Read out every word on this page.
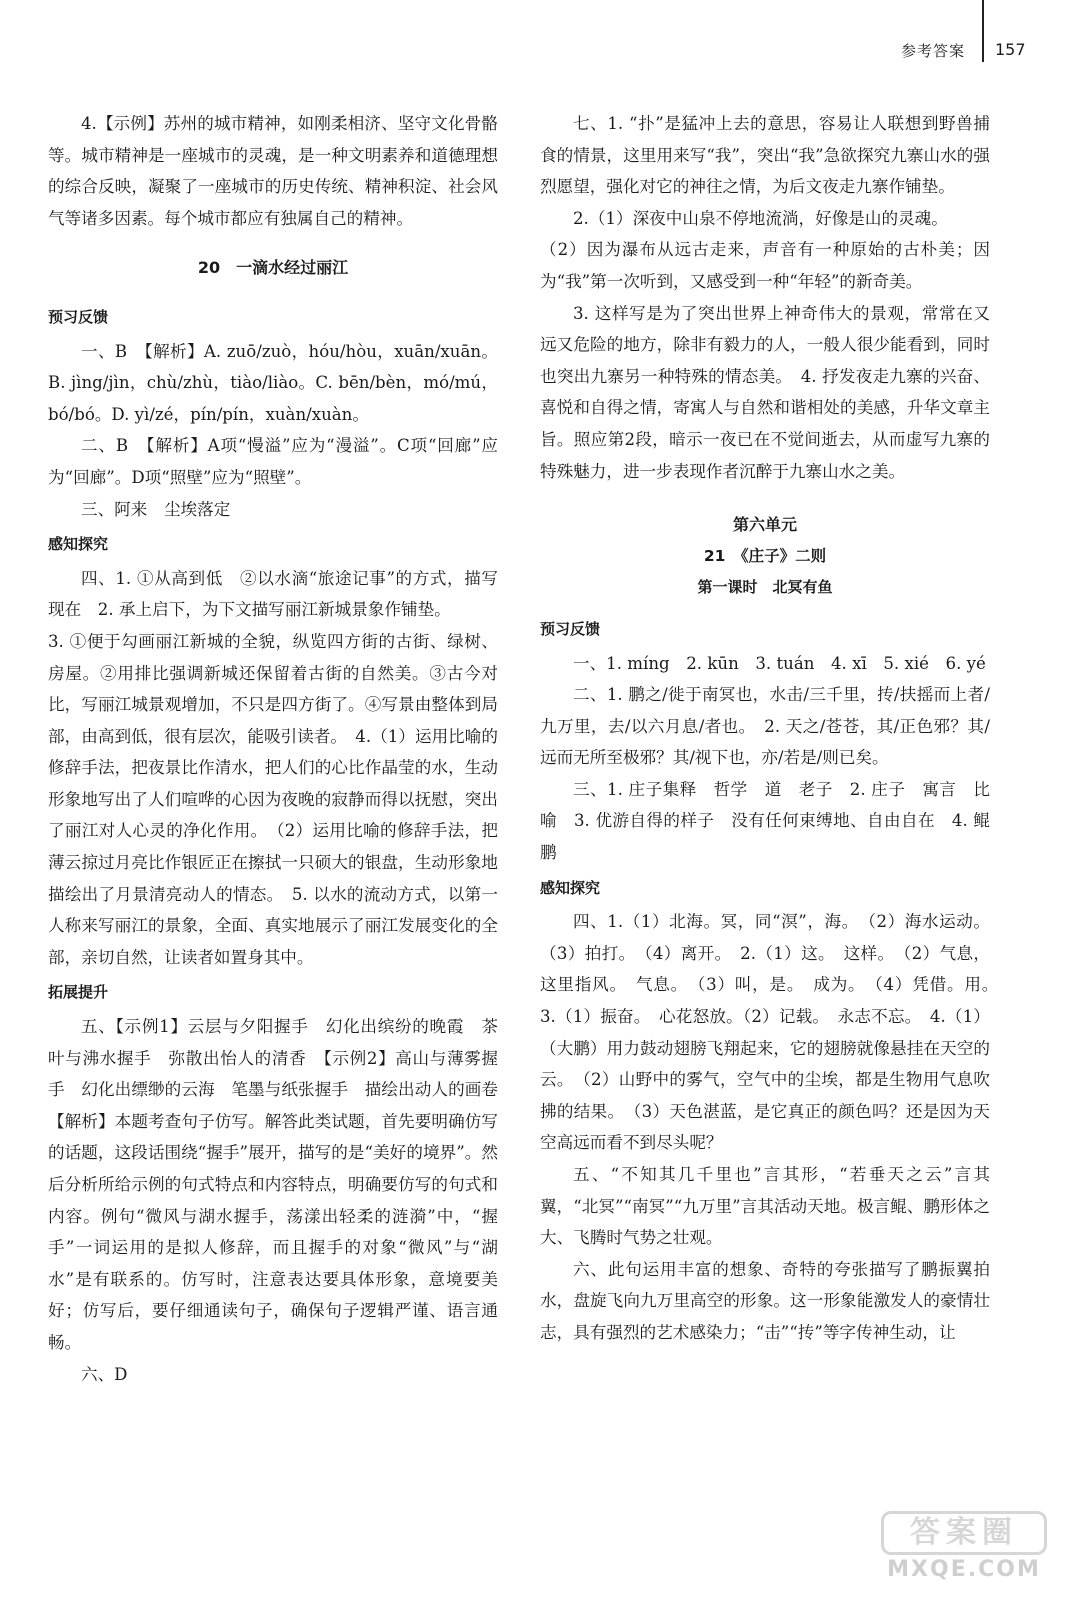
参考答案 157

4.【示例】苏州的城市精神，如刚柔相济、坚守文化骨骼等。城市精神是一座城市的灵魂，是一种文明素养和道德理想的综合反映，凝聚了一座城市的历史传统、精神积淀、社会风气等诸多因素。每个城市都应有独属自己的精神。

20　一滴水经过丽江
预习反馈

一、B　【解析】A. zuō/zuò，hóu/hòu，xuān/xuān。B. jìng/jìn，chù/zhù，tiào/liào。C. bēn/bèn，mó/mú，bó/bó。D. yì/zé，pín/pín，xuàn/xuàn。

二、B　【解析】A项“慢溢”应为“漫溢”。C项“回廊”应为“回廊”。D项“照壁”应为“照壁”。

三、阿来　尘埃落定

感知探究

四、1. ①从高到低　②以水滴“旅途记事”的方式，描写现在　2. 承上启下，为下文描写丽江新城景象作铺垫。

3. ①便于勾画丽江新城的全貌，纵览四方街的古街、绿树、房屋。②用排比强调新城还保留着古街的自然美。③古今对比，写丽江城景观增加，不只是四方街了。④写景由整体到局部，由高到低，很有层次，能吸引读者。　4.（1）运用比喻的修辞手法，把夜景比作清水，把人们的心比作晶莹的水，生动形象地写出了人们喧哗的心因为夜晚的寂静而得以抚慰，突出了丽江对人心灵的净化作用。　（2）运用比喻的修辞手法，把薄云掠过月亮比作银匠正在擦拭一只硕大的银盘，生动形象地描绘出了月景清亮动人的情态。　5. 以水的流动方式，以第一人称来写丽江的景象，全面、真实地展示了丽江发展变化的全部，亲切自然，让读者如置身其中。

拓展提升

五、【示例1】云层与夕阳握手　幻化出缤纷的晚霞　茶叶与沸水握手　弥散出怡人的清香　【示例2】高山与薄雾握手　幻化出缥缈的云海　笔墨与纸张握手　描绘出动人的画卷　【解析】本题考查句子仿写。解答此类试题，首先要明确仿写的话题，这段话围绕“握手”展开，描写的是“美好的境界”。然后分析所给示例的句式特点和内容特点，明确要仿写的句式和内容。例句“微风与湖水握手，荡漾出轻柔的涟漪”中，“握手”一词运用的是拟人修辞，而且握手的对象“微风”与“湖水”是有联系的。仿写时，注意表达要具体形象，意境要美好；仿写后，要仔细通读句子，确保句子逻辑严谨、语言通畅。

六、D

七、1. “扑”是猛冲上去的意思，容易让人联想到野兽捕食的情景，这里用来写“我”，突出“我”急欲探究九寨山水的强烈愿望，强化对它的神往之情，为后文夜走九寨作铺垫。

2.（1）深夜中山泉不停地流淌，好像是山的灵魂。

（2）因为瀑布从远古走来，声音有一种原始的古朴美；因为“我”第一次听到，又感受到一种“年轻”的新奇美。

3. 这样写是为了突出世界上神奇伟大的景观，常常在又远又危险的地方，除非有毅力的人，一般人很少能看到，同时也突出九寨另一种特殊的情态美。　4. 抒发夜走九寨的兴奋、喜悦和自得之情，寄寓人与自然和谐相处的美感，升华文章主旨。照应第2段，暗示一夜已在不觉间逝去，从而虚写九寨的特殊魅力，进一步表现作者沉醉于九寨山水之美。

第六单元
21　《庄子》二则
第一课时　北冥有鱼
预习反馈

一、1. míng　2. kūn　3. tuán　4. xī　5. xié　6. yé

二、1. 鹏之/徙于南冥也，水击/三千里，抟/扶摇而上者/九万里，去/以六月息/者也。　2. 天之/苍苍，其/正色邪？其/远而无所至极邪？其/视下也，亦/若是/则已矣。

三、1. 庄子集释　哲学　道　老子　2. 庄子　寓言　比喻　3. 优游自得的样子　没有任何束缚地、自由自在　4. 鲲　鹏

感知探究

四、1.（1）北海。冥，同“溟”，海。　（2）海水运动。（3）拍打。　（4）离开。　2.（1）这。　这样。　（2）气息，这里指风。　气息。　（3）叫，是。　成为。　（4）凭借。用。　3.（1）振奋。　心花怒放。（2）记载。　永志不忘。　4.（1）（大鹏）用力鼓动翅膀飞翔起来，它的翅膀就像悬挂在天空的云。　（2）山野中的雾气，空气中的尘埃，都是生物用气息吹拂的结果。　（3）天色湛蓝，是它真正的颜色吗？还是因为天空高远而看不到尽头呢？

五、“不知其几千里也”言其形，“若垂天之云”言其翼，“北冥”“南冥”“九万里”言其活动天地。极言鲲、鹏形体之大、飞腾时气势之壮观。

六、此句运用丰富的想象、奇特的夸张描写了鹏振翼拍水，盘旋飞向九万里高空的形象。这一形象能激发人的豪情壮志，具有强烈的艺术感染力；“击”“抟”等字传神生动，让

答案圈
MXQE.COM
